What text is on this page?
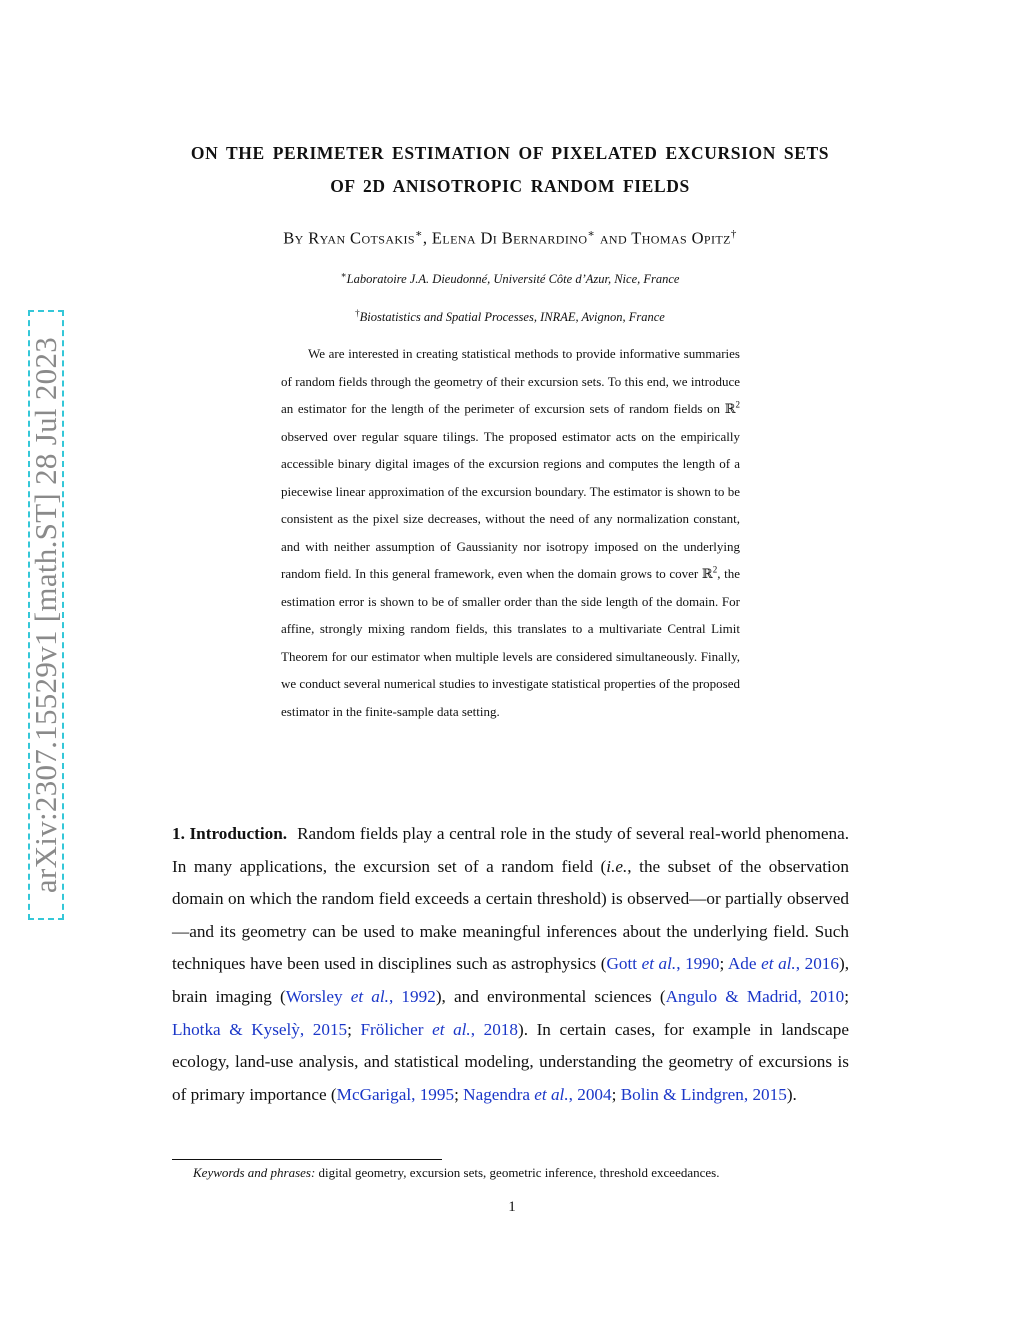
arXiv:2307.15529v1 [math.ST] 28 Jul 2023
ON THE PERIMETER ESTIMATION OF PIXELATED EXCURSION SETS
OF 2D ANISOTROPIC RANDOM FIELDS
By Ryan Cotsakis∗, Elena Di Bernardino∗ and Thomas Opitz†
∗Laboratoire J.A. Dieudonné, Université Côte d’Azur, Nice, France
†Biostatistics and Spatial Processes, INRAE, Avignon, France
We are interested in creating statistical methods to provide informative summaries of random fields through the geometry of their excursion sets. To this end, we introduce an estimator for the length of the perimeter of excursion sets of random fields on ℝ$^2$ observed over regular square tilings. The proposed estimator acts on the empirically accessible binary digital images of the excursion regions and computes the length of a piecewise linear approximation of the excursion boundary. The estimator is shown to be consistent as the pixel size decreases, without the need of any normalization constant, and with neither assumption of Gaussianity nor isotropy imposed on the underlying random field. In this general framework, even when the domain grows to cover ℝ$^2$, the estimation error is shown to be of smaller order than the side length of the domain. For affine, strongly mixing random fields, this translates to a multivariate Central Limit Theorem for our estimator when multiple levels are considered simultaneously. Finally, we conduct several numerical studies to investigate statistical properties of the proposed estimator in the finite-sample data setting.
1. Introduction. Random fields play a central role in the study of several real-world phenomena. In many applications, the excursion set of a random field (i.e., the subset of the observation domain on which the random field exceeds a certain threshold) is observed—or partially observed—and its geometry can be used to make meaningful inferences about the underlying field. Such techniques have been used in disciplines such as astrophysics (Gott et al., 1990; Ade et al., 2016), brain imaging (Worsley et al., 1992), and environmental sciences (Angulo & Madrid, 2010; Lhotka & Kyselỳ, 2015; Frölicher et al., 2018). In certain cases, for example in landscape ecology, land-use analysis, and statistical modeling, understanding the geometry of excursions is of primary importance (McGarigal, 1995; Nagendra et al., 2004; Bolin & Lindgren, 2015).
Keywords and phrases: digital geometry, excursion sets, geometric inference, threshold exceedances.
1
